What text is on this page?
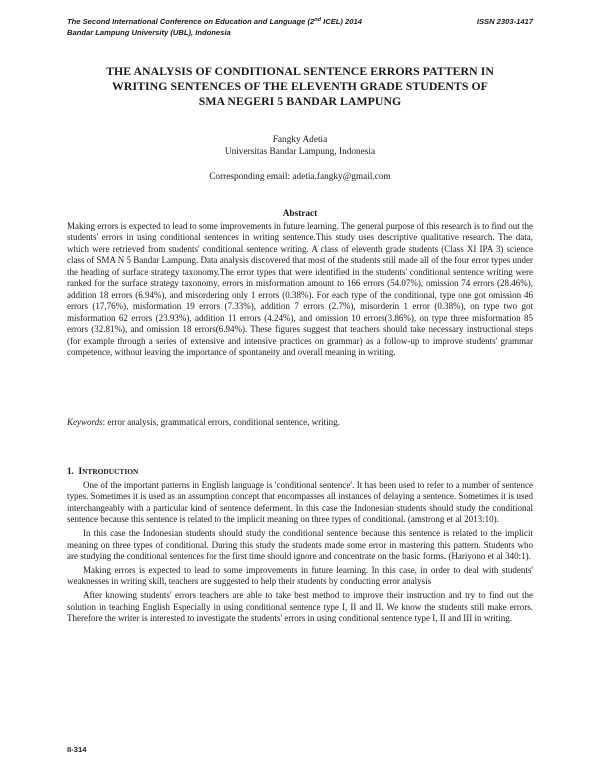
The Second International Conference on Education and Language (2nd ICEL) 2014
Bandar Lampung University (UBL), Indonesia
ISSN 2303-1417
THE ANALYSIS OF CONDITIONAL SENTENCE ERRORS PATTERN IN
WRITING SENTENCES OF THE ELEVENTH GRADE STUDENTS OF
SMA NEGERI 5 BANDAR LAMPUNG
Fangky Adetia
Universitas Bandar Lampung, Indonesia
Corresponding email: adetia.fangky@gmail.com
Abstract
Making errors is expected to lead to some improvements in future learning. The general purpose of this research is to find out the students' errors in using conditional sentences in writing sentence.This study uses descriptive qualitative research. The data, which were retrieved from students' conditional sentence writing. A class of eleventh grade students (Class XI IPA 3) science class of SMA N 5 Bandar Lampung. Data analysis discovered that most of the students still made all of the four error types under the heading of surface strategy taxonomy.The error types that were identified in the students' conditional sentence writing were ranked for the surface strategy taxonomy, errors in misformation amount to 166 errors (54.07%), omission 74 errors (28.46%), addition 18 errors (6.94%), and misordering only 1 errors (0.38%). For each type of the conditional, type one got omission 46 errors (17,76%), misformation 19 errors (7.33%), addition 7 errors (2.7%), misorderin 1 error (0.38%), on type two got misformation 62 errors (23.93%), addition 11 errors (4.24%), and omission 10 errors(3.86%), on type three misformation 85 errors (32.81%), and omission 18 errors(6.94%). These figures suggest that teachers should take necessary instructional steps (for example through a series of extensive and intensive practices on grammar) as a follow-up to improve students' grammar competence, without leaving the importance of spontaneity and overall meaning in writing.
Keywords: error analysis, grammatical errors, conditional sentence, writing.
1. INTRODUCTION

One of the important patterns in English language is 'conditional sentence'. It has been used to refer to a number of sentence types. Sometimes it is used as an assumption concept that encompasses all instances of delaying a sentence. Sometimes it is used interchangeably with a particular kind of sentence deferment. In this case the Indonesian students should study the conditional sentence because this sentence is related to the implicit meaning on three types of conditional. (amstrong et al 2013:10).

In this case the Indonesian students should study the conditional sentence because this sentence is related to the implicit meaning on three types of conditional. During this study the students made some error in mastering this pattern. Students who are studying the conditional sentences for the first time should ignore and concentrate on the basic forms. (Hariyono et al 340:1).

Making errors is expected to lead to some improvements in future learning. In this case, in order to deal with students' weaknesses in writing skill, teachers are suggested to help their students by conducting error analysis

After knowing students' errors teachers are able to take best method to improve their instruction and try to find out the solution in teaching English Especially in using conditional sentence type I, II and II. We know the students still make errors. Therefore the writer is interested to investigate the students' errors in using conditional sentence type I, II and III in writing.

II-314
